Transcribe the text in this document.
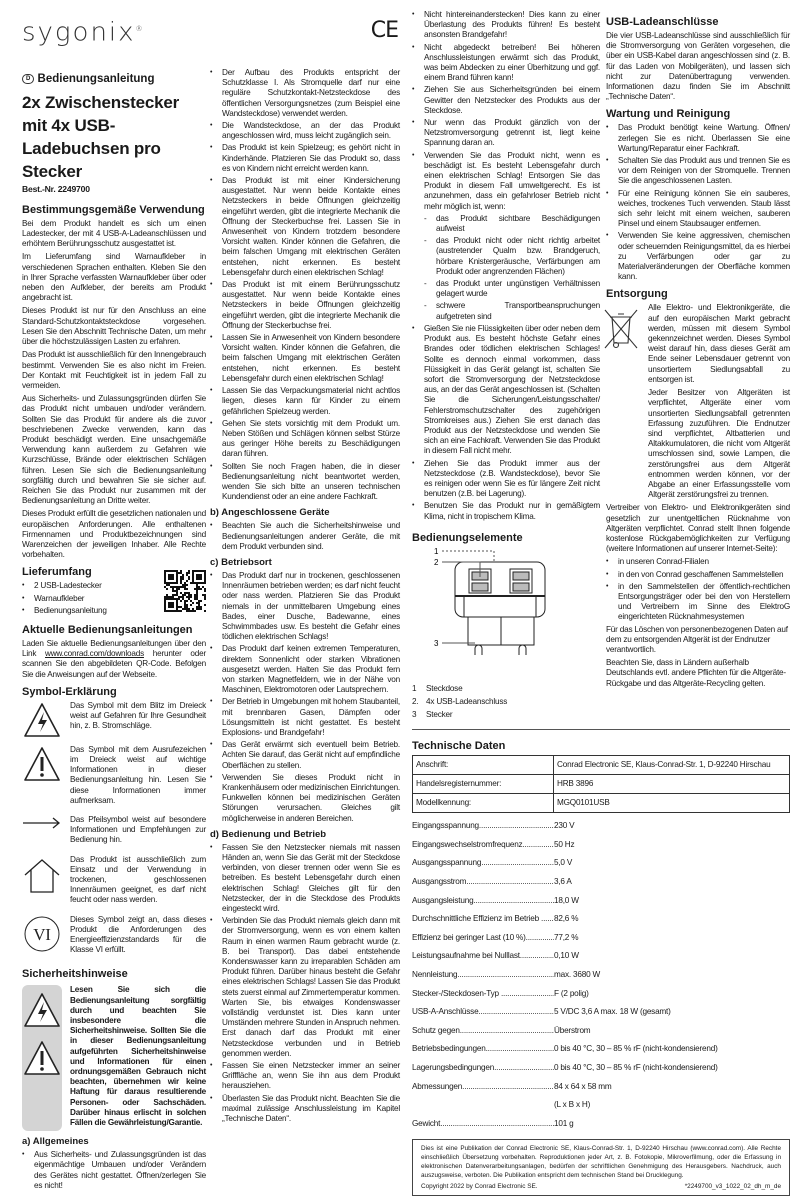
sygonix®	CE
D Bedienungsanleitung
2x Zwischenstecker mit 4x USB-Ladebuchsen pro Stecker
Best.-Nr. 2249700
Bestimmungsgemäße Verwendung

Bei dem Produkt handelt es sich um einen Ladestecker, der mit 4 USB-A-Ladeanschlüssen und erhöhtem Berührungsschutz ausgestattet ist.

Im Lieferumfang sind Warnaufkleber in verschiedenen Sprachen enthalten. Kleben Sie den in Ihrer Sprache verfassten Warnaufkleber über oder neben den Aufkleber, der bereits am Produkt angebracht ist.

Dieses Produkt ist nur für den Anschluss an eine Standard-Schutzkontaktsteckdose vorgesehen. Lesen Sie den Abschnitt Technische Daten, um mehr über die höchstzulässigen Lasten zu erfahren.

Das Produkt ist ausschließlich für den Innengebrauch bestimmt. Verwenden Sie es also nicht im Freien. Der Kontakt mit Feuchtigkeit ist in jedem Fall zu vermeiden.

Aus Sicherheits- und Zulassungsgründen dürfen Sie das Produkt nicht umbauen und/oder verändern. Sollten Sie das Produkt für andere als die zuvor beschriebenen Zwecke verwenden, kann das Produkt beschädigt werden. Eine unsachgemäße Verwendung kann außerdem zu Gefahren wie Kurzschlüsse, Brände oder elektrischen Schlägen führen. Lesen Sie sich die Bedienungsanleitung sorgfältig durch und bewahren Sie sie sicher auf. Reichen Sie das Produkt nur zusammen mit der Bedienungsanleitung an Dritte weiter.

Dieses Produkt erfüllt die gesetzlichen nationalen und europäischen Anforderungen. Alle enthaltenen Firmennamen und Produktbezeichnungen sind Warenzeichen der jeweiligen Inhaber. Alle Rechte vorbehalten.

Lieferumfang
• 2 USB-Ladestecker
• Warnaufkleber
• Bedienungsanleitung
Aktuelle Bedienungsanleitungen

Laden Sie aktuelle Bedienungsanleitungen über den Link www.conrad.com/downloads herunter oder scannen Sie den abgebildeten QR-Code. Befolgen Sie die Anweisungen auf der Webseite.

Symbol-Erklärung

Das Symbol mit dem Blitz im Dreieck weist auf Gefahren für Ihre Gesundheit hin, z. B. Stromschläge.

Das Symbol mit dem Ausrufezeichen im Dreieck weist auf wichtige Informationen in dieser Bedienungsanleitung hin. Lesen Sie diese Informationen immer aufmerksam.

Das Pfeilsymbol weist auf besondere Informationen und Empfehlungen zur Bedienung hin.

Das Produkt ist ausschließlich zum Einsatz und der Verwendung in trockenen, geschlossenen Innenräumen geeignet, es darf nicht feucht oder nass werden.

VI

Dieses Symbol zeigt an, dass dieses Produkt die Anforderungen des Energieeffizienzstandards für die Klasse VI erfüllt.

Sicherheitshinweise

Lesen Sie sich die Bedienungsanleitung sorgfältig durch und beachten Sie insbesondere die Sicherheitshinweise. Sollten Sie die in dieser Bedienungsanleitung aufgeführten Sicherheitshinweise und Informationen für einen ordnungsgemäßen Gebrauch nicht beachten, übernehmen wir keine Haftung für daraus resultierende Personen- oder Sachschäden. Darüber hinaus erlischt in solchen Fällen die Gewährleistung/Garantie.

a) Allgemeines
• Aus Sicherheits- und Zulassungsgründen ist das eigenmächtige Umbauen und/oder Verändern des Gerätes nicht gestattet. Öffnen/zerlegen Sie es nicht!
• Der Aufbau des Produkts entspricht der Schutzklasse I. Als Stromquelle darf nur eine reguläre Schutzkontakt-Netzsteckdose des öffentlichen Versorgungsnetzes (zum Beispiel eine Wandsteckdose) verwendet werden.
• Die Wandsteckdose, an der das Produkt angeschlossen wird, muss leicht zugänglich sein.
• Das Produkt ist kein Spielzeug; es gehört nicht in Kinderhände. Platzieren Sie das Produkt so, dass es von Kindern nicht erreicht werden kann.
• Das Produkt ist mit einer Kindersicherung ausgestattet. Nur wenn beide Kontakte eines Netzsteckers in beide Öffnungen gleichzeitig eingeführt werden, gibt die integrierte Mechanik die Öffnung der Steckerbuchse frei. Lassen Sie in Anwesenheit von Kindern trotzdem besondere Vorsicht walten. Kinder können die Gefahren, die beim falschen Umgang mit elektrischen Geräten entstehen, nicht erkennen. Es besteht Lebensgefahr durch einen elektrischen Schlag!
• Das Produkt ist mit einem Berührungsschutz ausgestattet. Nur wenn beide Kontakte eines Netzsteckers in beide Öffnungen gleichzeitig eingeführt werden, gibt die integrierte Mechanik die Öffnung der Steckerbuchse frei.
• Lassen Sie in Anwesenheit von Kindern besondere Vorsicht walten. Kinder können die Gefahren, die beim falschen Umgang mit elektrischen Geräten entstehen, nicht erkennen. Es besteht Lebensgefahr durch einen elektrischen Schlag!
• Lassen Sie das Verpackungsmaterial nicht achtlos liegen, dieses kann für Kinder zu einem gefährlichen Spielzeug werden.
• Gehen Sie stets vorsichtig mit dem Produkt um. Neben Stößen und Schlägen können selbst Stürze aus geringer Höhe bereits zu Beschädigungen daran führen.
• Sollten Sie noch Fragen haben, die in dieser Bedienungsanleitung nicht beantwortet werden, wenden Sie sich bitte an unseren technischen Kundendienst oder an eine andere Fachkraft.
b) Angeschlossene Geräte
• Beachten Sie auch die Sicherheitshinweise und Bedienungsanleitungen anderer Geräte, die mit dem Produkt verbunden sind.
c) Betriebsort
• Das Produkt darf nur in trockenen, geschlossenen Innenräumen betrieben werden; es darf nicht feucht oder nass werden. Platzieren Sie das Produkt niemals in der unmittelbaren Umgebung eines Bades, einer Dusche, Badewanne, eines Schwimmbades usw. Es besteht die Gefahr eines tödlichen elektrischen Schlags!
• Das Produkt darf keinen extremen Temperaturen, direktem Sonnenlicht oder starken Vibrationen ausgesetzt werden. Halten Sie das Produkt fern von starken Magnetfeldern, wie in der Nähe von Maschinen, Elektromotoren oder Lautsprechern.
• Der Betrieb in Umgebungen mit hohem Staubanteil, mit brennbaren Gasen, Dämpfen oder Lösungsmitteln ist nicht gestattet. Es besteht Explosions- und Brandgefahr!
• Das Gerät erwärmt sich eventuell beim Betrieb. Achten Sie darauf, das Gerät nicht auf empfindliche Oberflächen zu stellen.
• Verwenden Sie dieses Produkt nicht in Krankenhäusern oder medizinischen Einrichtungen. Funkwellen können bei medizinischen Geräten Störungen verursachen. Gleiches gilt möglicherweise in anderen Bereichen.
d) Bedienung und Betrieb
• Fassen Sie den Netzstecker niemals mit nassen Händen an, wenn Sie das Gerät mit der Steckdose verbinden, von dieser trennen oder wenn Sie es betreiben. Es besteht Lebensgefahr durch einen elektrischen Schlag! Gleiches gilt für den Netzstecker, der in die Steckdose des Produkts eingesteckt wird.
• Verbinden Sie das Produkt niemals gleich dann mit der Stromversorgung, wenn es von einem kalten Raum in einen warmen Raum gebracht wurde (z. B. bei Transport). Das dabei entstehende Kondenswasser kann zu irreparablen Schäden am Produkt führen. Darüber hinaus besteht die Gefahr eines elektrischen Schlags! Lassen Sie das Produkt stets zuerst einmal auf Zimmertemperatur kommen. Warten Sie, bis etwaiges Kondenswasser vollständig verdunstet ist. Dies kann unter Umständen mehrere Stunden in Anspruch nehmen. Erst danach darf das Produkt mit einer Netzsteckdose verbunden und in Betrieb genommen werden.
• Fassen Sie einen Netzstecker immer an seiner Grifffläche an, wenn Sie ihn aus dem Produkt herausziehen.
• Überlasten Sie das Produkt nicht. Beachten Sie die maximal zulässige Anschlussleistung im Kapitel „Technische Daten“.
• Nicht hintereinanderstecken! Dies kann zu einer Überlastung des Produkts führen! Es besteht ansonsten Brandgefahr!
• Nicht abgedeckt betreiben! Bei höheren Anschlussleistungen erwärmt sich das Produkt, was beim Abdecken zu einer Überhitzung und ggf. einem Brand führen kann!
• Ziehen Sie aus Sicherheitsgründen bei einem Gewitter den Netzstecker des Produkts aus der Steckdose.
• Nur wenn das Produkt gänzlich von der Netzstromversorgung getrennt ist, liegt keine Spannung daran an.
• Verwenden Sie das Produkt nicht, wenn es beschädigt ist. Es besteht Lebensgefahr durch einen elektrischen Schlag! Entsorgen Sie das Produkt in diesem Fall umweltgerecht. Es ist anzunehmen, dass ein gefahrloser Betrieb nicht mehr möglich ist, wenn:
- das Produkt sichtbare Beschädigungen aufweist
- das Produkt nicht oder nicht richtig arbeitet (austretender Qualm bzw. Brandgeruch, hörbare Knistergeräusche, Verfärbungen am Produkt oder angrenzenden Flächen)
- das Produkt unter ungünstigen Verhältnissen gelagert wurde
- schwere Transportbeanspruchungen aufgetreten sind
• Gießen Sie nie Flüssigkeiten über oder neben dem Produkt aus. Es besteht höchste Gefahr eines Brandes oder tödlichen elektrischen Schlages! Sollte es dennoch einmal vorkommen, dass Flüssigkeit in das Gerät gelangt ist, schalten Sie sofort die Stromversorgung der Netzsteckdose aus, an der das Gerät angeschlossen ist. (Schalten Sie die Sicherungen/Leistungsschalter/ Fehlerstromschutzschalter des zugehörigen Stromkreises aus.) Ziehen Sie erst danach das Produkt aus der Netzsteckdose und wenden Sie sich an eine Fachkraft. Verwenden Sie das Produkt in diesem Fall nicht mehr.
• Ziehen Sie das Produkt immer aus der Netzsteckdose (z.B. Wandsteckdose), bevor Sie es reinigen oder wenn Sie es für längere Zeit nicht benutzen (z.B. bei Lagerung).
• Benutzen Sie das Produkt nur in gemäßigtem Klima, nicht in tropischem Klima.
Bedienungselemente
1
2
3
1 Steckdose
2. 4x USB-Ladeanschluss
3 Stecker
USB-Ladeanschlüsse

Die vier USB-Ladeanschlüsse sind ausschließlich für die Stromversorgung von Geräten vorgesehen, die über ein USB-Kabel daran angeschlossen sind (z. B. für das Laden von Mobilgeräten), und lassen sich nicht zur Datenübertragung verwenden. Informationen dazu finden Sie im Abschnitt „Technische Daten“.

Wartung und Reinigung
• Das Produkt benötigt keine Wartung. Öffnen/ zerlegen Sie es nicht. Überlassen Sie eine Wartung/Reparatur einer Fachkraft.
• Schalten Sie das Produkt aus und trennen Sie es vor dem Reinigen von der Stromquelle. Trennen Sie die angeschlossenen Lasten.
• Für eine Reinigung können Sie ein sauberes, weiches, trockenes Tuch verwenden. Staub lässt sich sehr leicht mit einem weichen, sauberen Pinsel und einem Staubsauger entfernen.
• Verwenden Sie keine aggressiven, chemischen oder scheuernden Reinigungsmittel, da es hierbei zu Verfärbungen oder gar zu Materialveränderungen der Oberfläche kommen kann.
Entsorgung

Alle Elektro- und Elektronikgeräte, die auf den europäischen Markt gebracht werden, müssen mit diesem Symbol gekennzeichnet werden. Dieses Symbol weist darauf hin, dass dieses Gerät am Ende seiner Lebensdauer getrennt von unsortiertem Siedlungsabfall zu entsorgen ist.

Jeder Besitzer von Altgeräten ist verpflichtet, Altgeräte einer vom unsortierten Siedlungsabfall getrennten Erfassung zuzuführen. Die Endnutzer sind verpflichtet, Altbatterien und Altakkumulatoren, die nicht vom Altgerät umschlossen sind, sowie Lampen, die zerstörungsfrei aus dem Altgerät entnommen werden können, vor der Abgabe an einer Erfassungsstelle vom Altgerät zerstörungsfrei zu trennen.

Vertreiber von Elektro- und Elektronikgeräten sind gesetzlich zur unentgeltlichen Rücknahme von Altgeräten verpflichtet. Conrad stellt Ihnen folgende kostenlose Rückgabemöglichkeiten zur Verfügung (weitere Informationen auf unserer Internet-Seite):

• in unseren Conrad-Filialen
• in den von Conrad geschaffenen Sammelstellen
• in den Sammelstellen der öffentlich-rechtlichen Entsorgungsträger oder bei den von Herstellern und Vertreibern im Sinne des ElektroG eingerichteten Rücknahmesystemen

Für das Löschen von personenbezogenen Daten auf dem zu entsorgenden Altgerät ist der Endnutzer verantwortlich.

Beachten Sie, dass in Ländern außerhalb Deutschlands evtl. andere Pflichten für die Altgeräte-Rückgabe und das Altgeräte-Recycling gelten.

Technische Daten
Anschrift:	Conrad Electronic SE, Klaus-Conrad-Str. 1, D-92240 Hirschau
Handelsregisternummer:	HRB 3896
Modellkennung:	MGQ0101USB
Eingangsspannung .....	230 V
Eingangswechselstromfrequenz .....	50 Hz
Ausgangsspannung .....	5,0 V
Ausgangsstrom .....	3,6 A
Ausgangsleistung .....	18,0 W
Durchschnittliche Effizienz im Betrieb .....	82,6 %
Effizienz bei geringer Last (10 %) .....	77,2 %
Leistungsaufnahme bei Nulllast .....	0,10 W
Nennleistung .....	max. 3680 W
Stecker-/Steckdosen-Typ .....	F (2 polig)
USB-A-Anschlüsse .....	5 V/DC 3,6 A max. 18 W (gesamt)
Schutz gegen .....	Überstrom
Betriebsbedingungen .....	0 bis 40 °C, 30 – 85 % rF (nicht-kondensierend)
Lagerungsbedingungen .....	0 bis 40 °C, 30 – 85 % rF (nicht-kondensierend)
Abmessungen .....	84 x 64 x 58 mm
(L x B x H)
Gewicht .....	101 g

Dies ist eine Publikation der Conrad Electronic SE, Klaus-Conrad-Str. 1, D-92240 Hirschau (www.conrad.com). Alle Rechte einschließlich Übersetzung vorbehalten. Reproduktionen jeder Art, z. B. Fotokopie, Mikroverfilmung, oder die Erfassung in elektronischen Datenverarbeitungsanlagen, bedürfen der schriftlichen Genehmigung des Herausgebers. Nachdruck, auch auszugsweise, verboten. Die Publikation entspricht dem technischen Stand bei Drucklegung.

Copyright 2022 by Conrad Electronic SE.	*2249700_v3_1022_02_dh_m_de
